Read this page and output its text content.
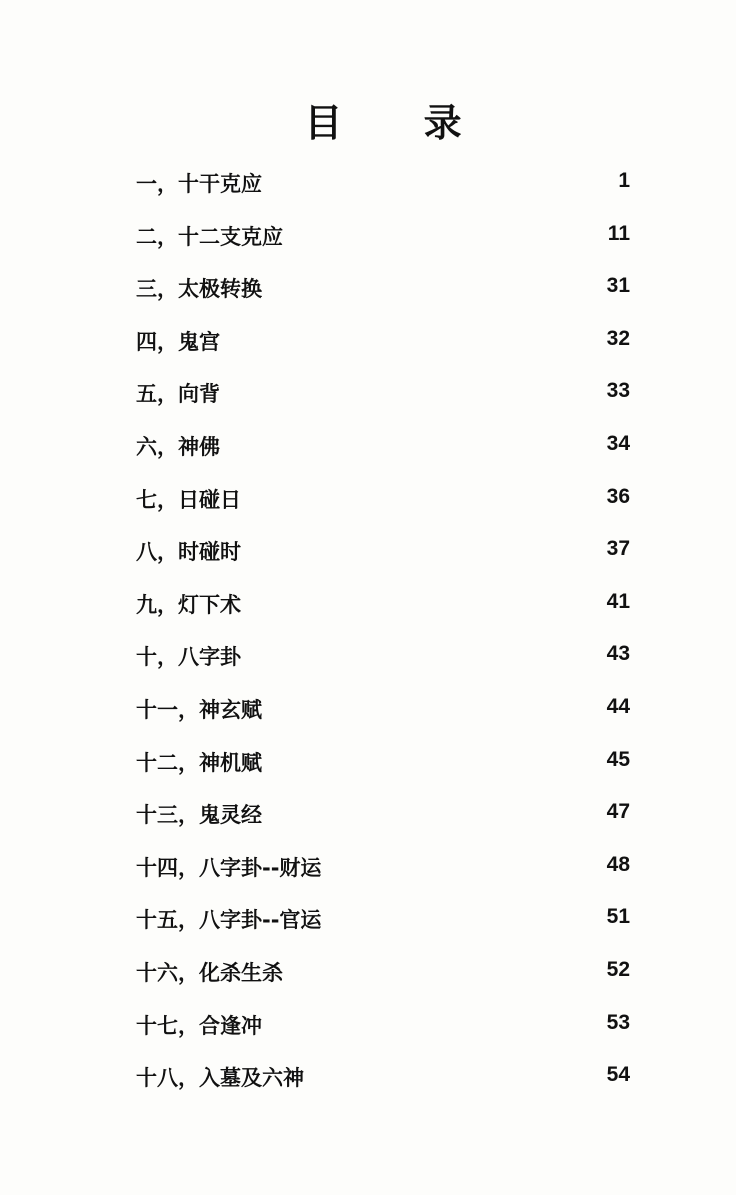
目 录
一，十干克应	1
二，十二支克应	11
三，太极转换	31
四，鬼宫	32
五，向背	33
六，神佛	34
七，日碰日	36
八，时碰时	37
九，灯下术	41
十，八字卦	43
十一，神玄赋	44
十二，神机赋	45
十三，鬼灵经	47
十四，八字卦--财运	48
十五，八字卦--官运	51
十六，化杀生杀	52
十七，合逢冲	53
十八，入墓及六神	54
